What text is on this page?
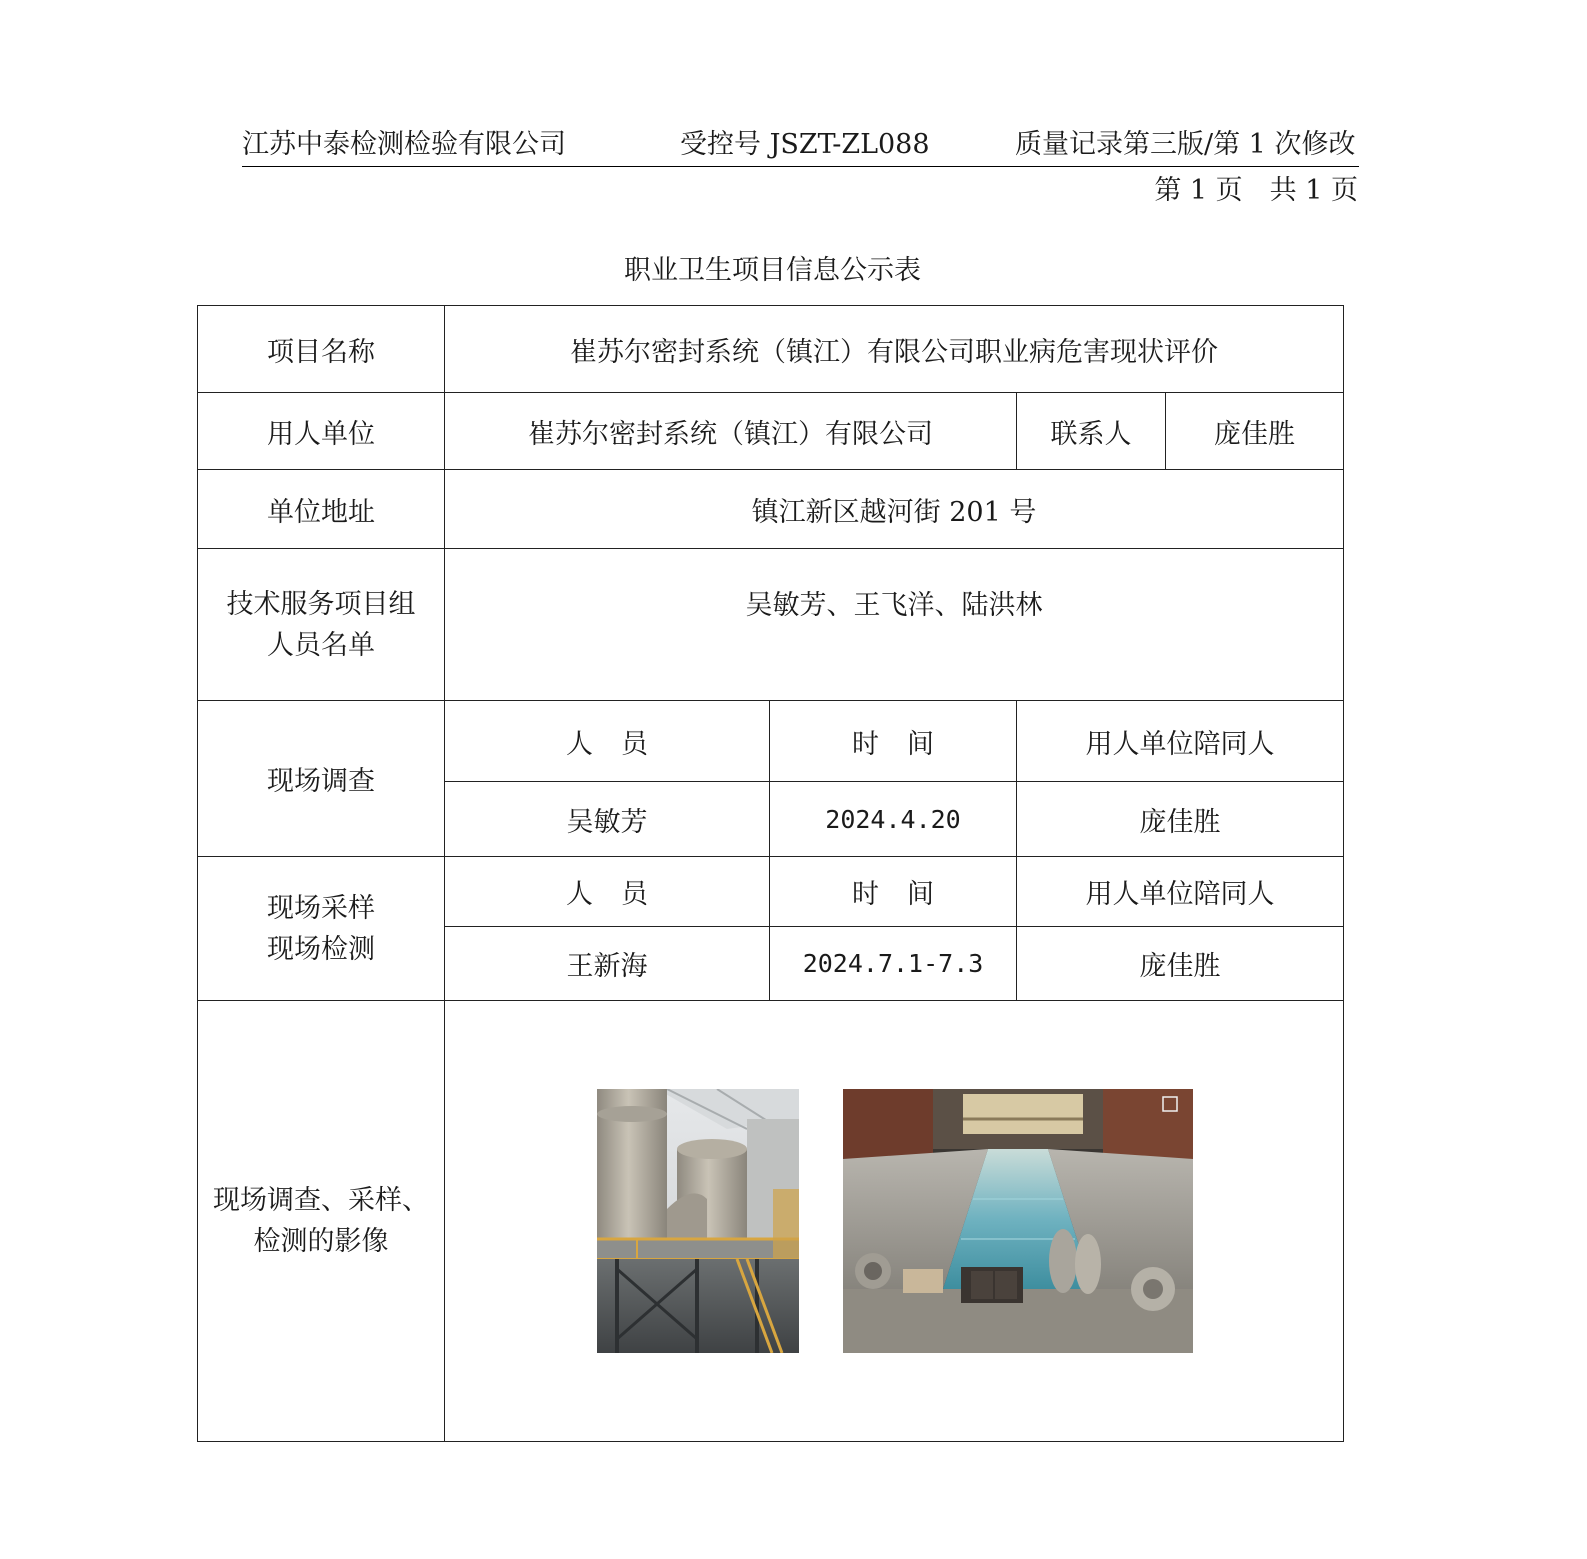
江苏中泰检测检验有限公司	受控号 JSZT-ZL088	质量记录第三版/第 1 次修改
第 1 页　共 1 页
职业卫生项目信息公示表
项目名称	崔苏尔密封系统（镇江）有限公司职业病危害现状评价			
用人单位	崔苏尔密封系统（镇江）有限公司		联系人	庞佳胜
单位地址	镇江新区越河街 201 号			

技术服务项目组
人员名单	吴敏芳、王飞洋、陆洪林			
现场调查	人员	时间	用人单位陪同人	
	吴敏芳	2024.4.20	庞佳胜	

现场采样
现场检测	人员	时间	用人单位陪同人	
	王新海	2024.7.1-7.3	庞佳胜	

现场调查、采样、
检测的影像
